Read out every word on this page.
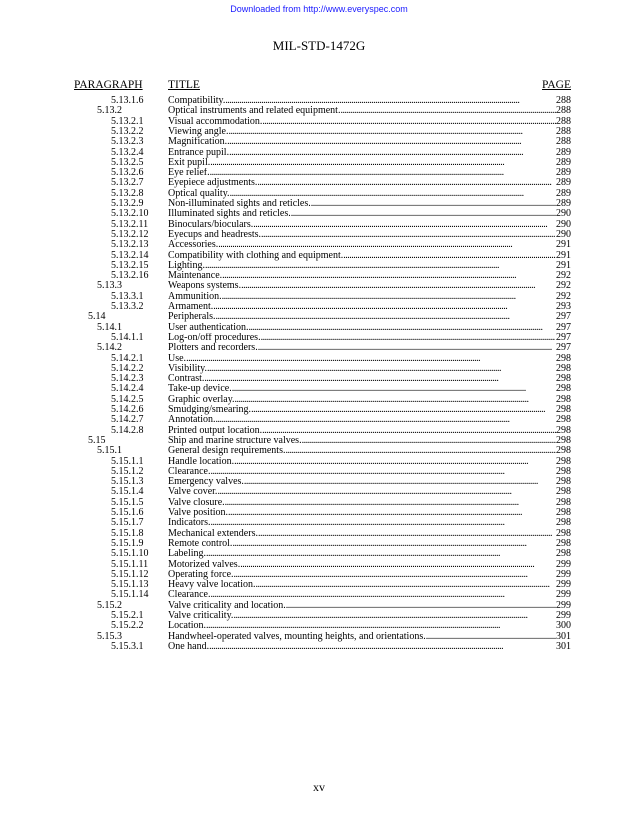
Downloaded from http://www.everyspec.com
MIL-STD-1472G
PARAGRAPH TITLE	PAGE
5.13.1.6 Compatibility. . . .	288
5.13.2	Optical instruments and related equipment. . . .	288
5.13.2.1 Visual accommodation. . . .	288
5.13.2.2 Viewing angle. . . .	288
5.13.2.3 Magnification. . . .	288
5.13.2.4 Entrance pupil. . . .	289
5.13.2.5 Exit pupil. . . .	289
5.13.2.6 Eye relief. . . .	289
5.13.2.7 Eyepiece adjustments. . . .	289
5.13.2.8 Optical quality. . . .	289
5.13.2.9 Non-illuminated sights and reticles. . . .	289
5.13.2.10 Illuminated sights and reticles. . . .	290
5.13.2.11 Binoculars/bioculars. . . .	290
5.13.2.12 Eyecups and headrests. . . .	290
5.13.2.13 Accessories. . . .	291
5.13.2.14 Compatibility with clothing and equipment. . . .	291
5.13.2.15 Lighting. . . .	291
5.13.2.16 Maintenance. . . .	292
5.13.3	Weapons systems. . . .	292
5.13.3.1 Ammunition. . . .	292
5.13.3.2 Armament. . . .	293
5.14	Peripherals. . . .	297
5.14.1	User authentication. . . .	297
5.14.1.1 Log-on/off procedures. . . .	297
5.14.2	Plotters and recorders. . . .	297
5.14.2.1 Use. . . .	298
5.14.2.2 Visibility. . . .	298
5.14.2.3 Contrast. . . .	298
5.14.2.4 Take-up device. . . .	298
5.14.2.5 Graphic overlay. . . .	298
5.14.2.6 Smudging/smearing. . . .	298
5.14.2.7 Annotation. . . .	298
5.14.2.8 Printed output location. . . .	298
5.15	Ship and marine structure valves. . . .	298
5.15.1	General design requirements. . . .	298
5.15.1.1 Handle location. . . .	298
5.15.1.2 Clearance. . . .	298
5.15.1.3 Emergency valves. . . .	298
5.15.1.4 Valve cover. . . .	298
5.15.1.5 Valve closure. . . .	298
5.15.1.6 Valve position. . . .	298
5.15.1.7 Indicators. . . .	298
5.15.1.8 Mechanical extenders. . . .	298
5.15.1.9 Remote control. . . .	298
5.15.1.10 Labeling. . . .	298
5.15.1.11 Motorized valves. . . .	299
5.15.1.12 Operating force. . . .	299
5.15.1.13 Heavy valve location. . . .	299
5.15.1.14 Clearance. . . .	299
5.15.2	Valve criticality and location. . . .	299
5.15.2.1 Valve criticality. . . .	299
5.15.2.2 Location. . . .	300
5.15.3	Handwheel-operated valves, mounting heights, and orientations. . . .	301
5.15.3.1 One hand. . . .	301
xv
